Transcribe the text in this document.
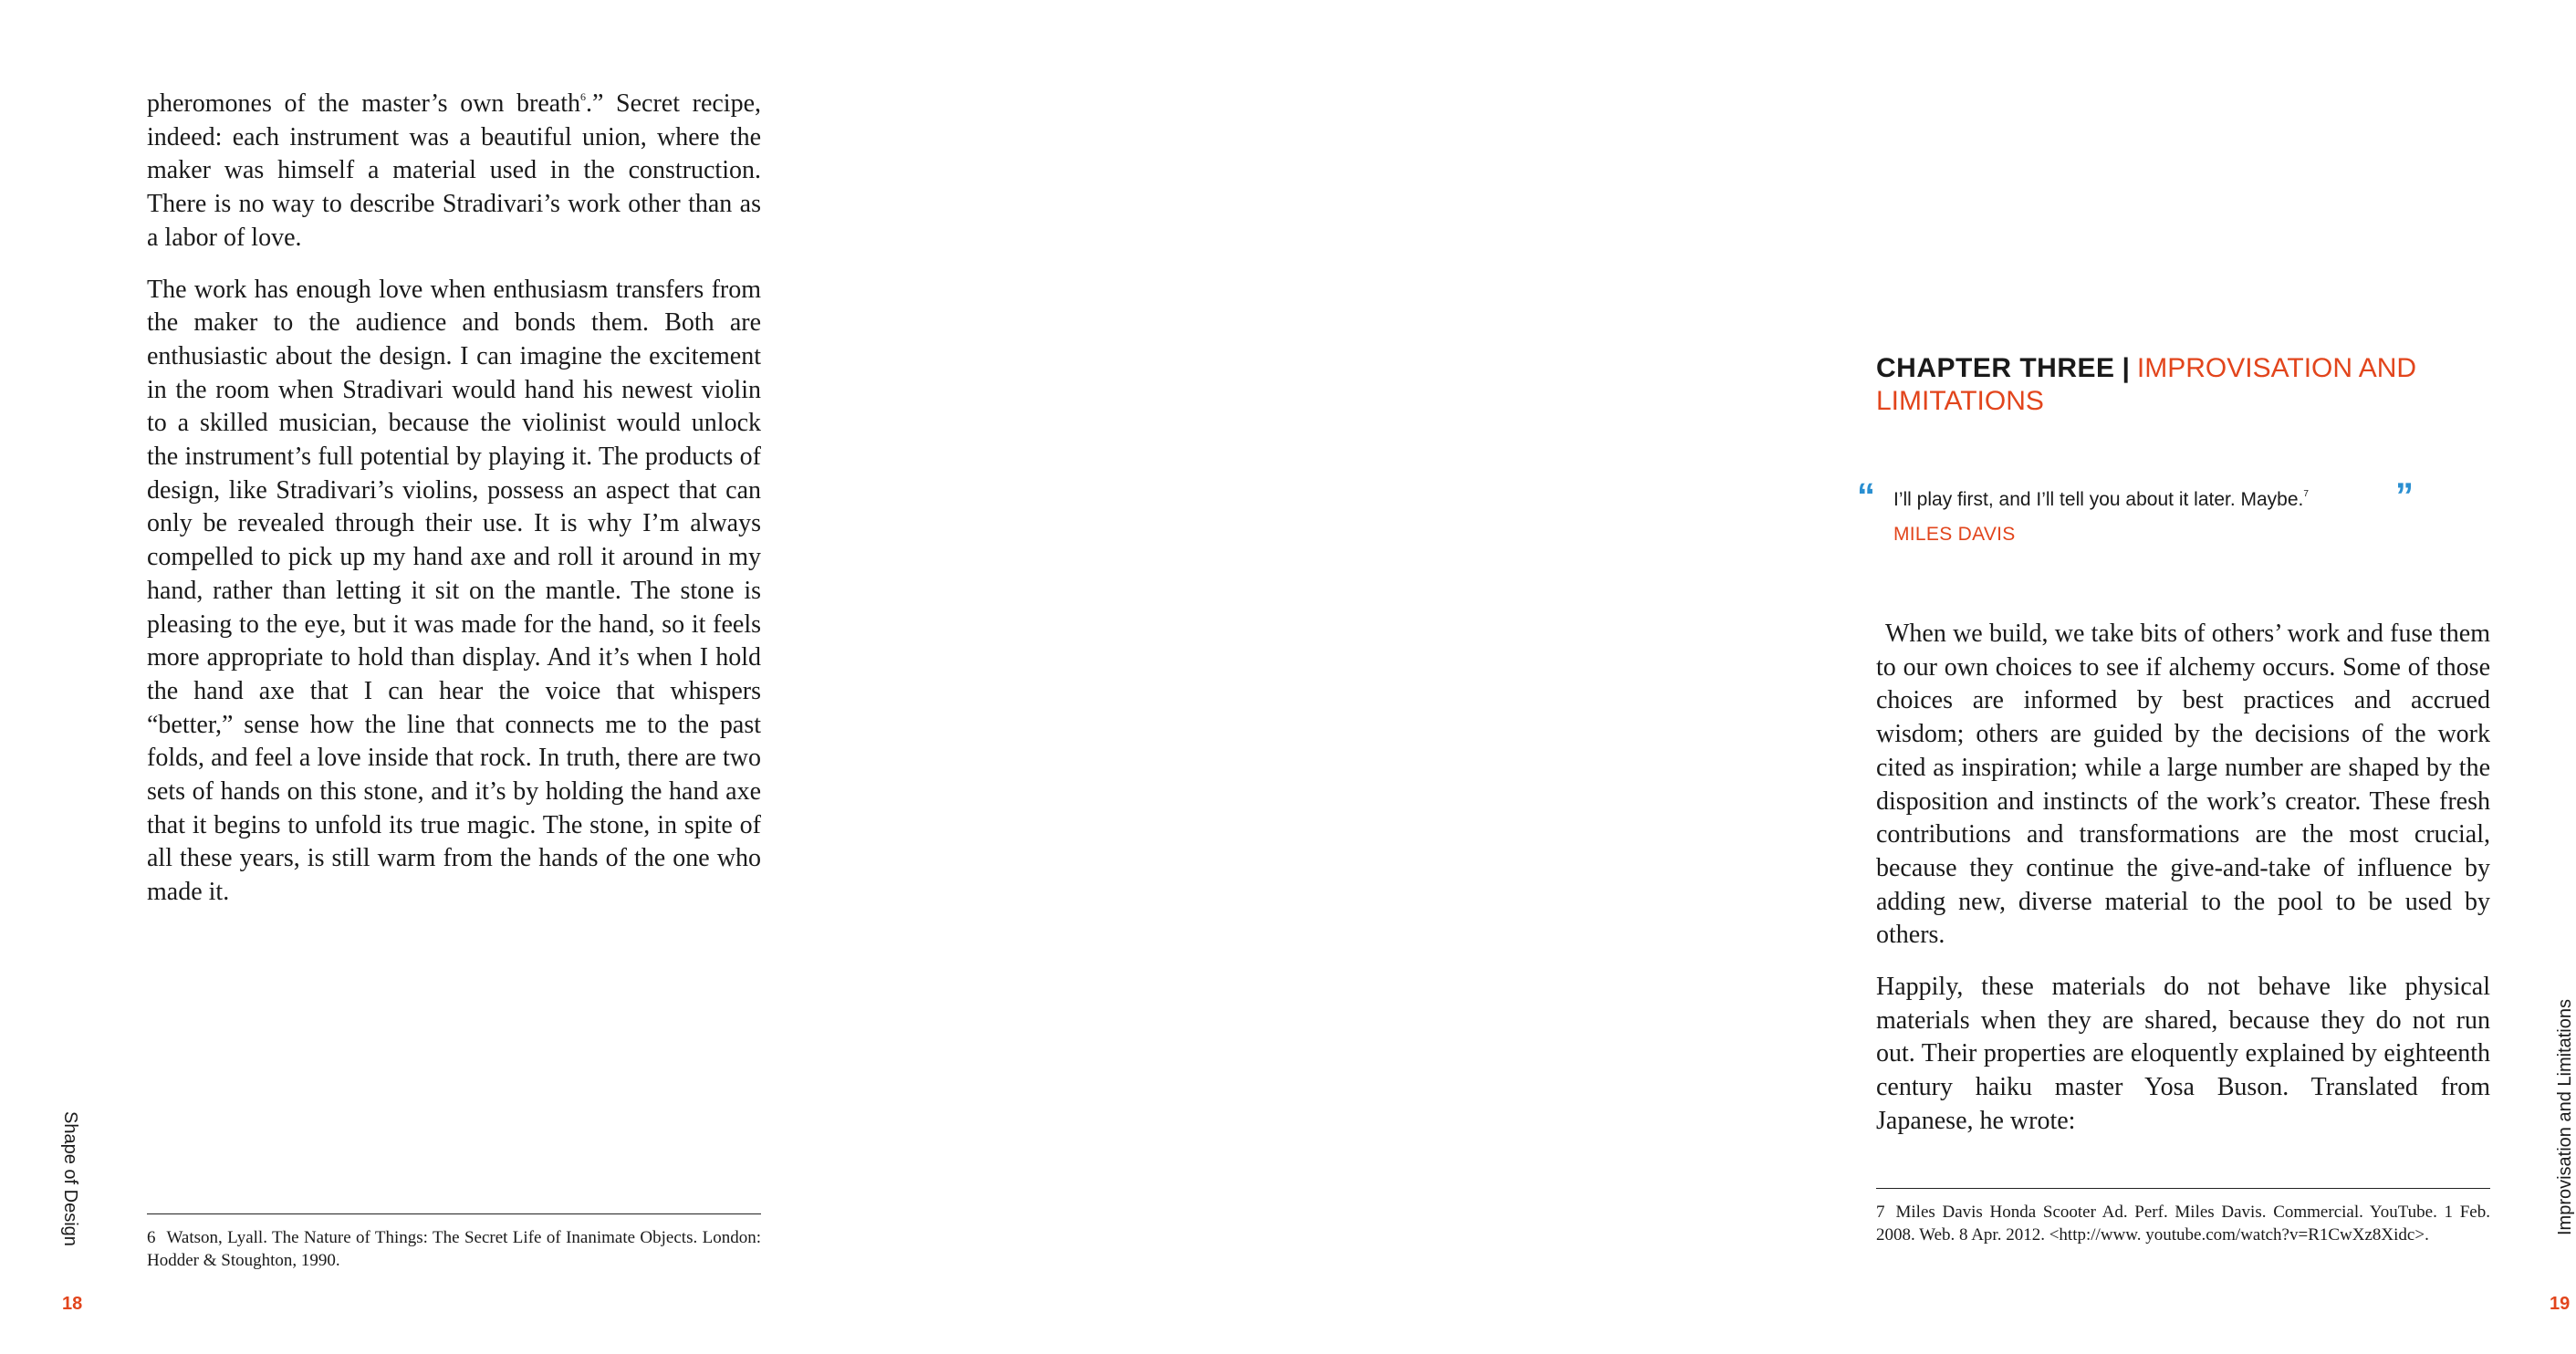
pheromones of the master’s own breath$^6$.” Secret recipe, indeed: each instrument was a beautiful union, where the maker was himself a material used in the construction. There is no way to describe Stradivari’s work other than as a labor of love.

The work has enough love when enthusiasm transfers from the maker to the audience and bonds them. Both are enthusiastic about the design. I can imagine the excitement in the room when Stradivari would hand his newest violin to a skilled musician, because the violinist would unlock the instrument’s full potential by playing it. The products of design, like Stradivari’s violins, possess an aspect that can only be revealed through their use. It is why I’m always compelled to pick up my hand axe and roll it around in my hand, rather than letting it sit on the mantle. The stone is pleasing to the eye, but it was made for the hand, so it feels more appropriate to hold than display. And it’s when I hold the hand axe that I can hear the voice that whispers “better,” sense how the line that connects me to the past folds, and feel a love inside that rock. In truth, there are two sets of hands on this stone, and it’s by holding the hand axe that it begins to unfold its true magic. The stone, in spite of all these years, is still warm from the hands of the one who made it.

6 Watson, Lyall. The Nature of Things: The Secret Life of Inanimate Objects. London: Hodder & Stoughton, 1990.
Shape of Design
18
CHAPTER THREE | IMPROVISATION AND LIMITATIONS
“ I’ll play first, and I’ll tell you about it later. Maybe.$^7$	”
MILES DAVIS

When we build, we take bits of others’ work and fuse them to our own choices to see if alchemy occurs. Some of those choices are informed by best practices and accrued wisdom; others are guided by the decisions of the work cited as inspiration; while a large number are shaped by the disposition and instincts of the work’s creator. These fresh contributions and transformations are the most crucial, because they continue the give-and-take of influence by adding new, diverse material to the pool to be used by others.

Happily, these materials do not behave like physical materials when they are shared, because they do not run out. Their properties are eloquently explained by eighteenth century haiku master Yosa Buson. Translated from Japanese, he wrote:

7 Miles Davis Honda Scooter Ad. Perf. Miles Davis. Commercial. YouTube. 1 Feb. 2008. Web. 8 Apr. 2012. <http://www. youtube.com/watch?v=R1CwXz8Xidc>.	Improvisation and Limitations
19
